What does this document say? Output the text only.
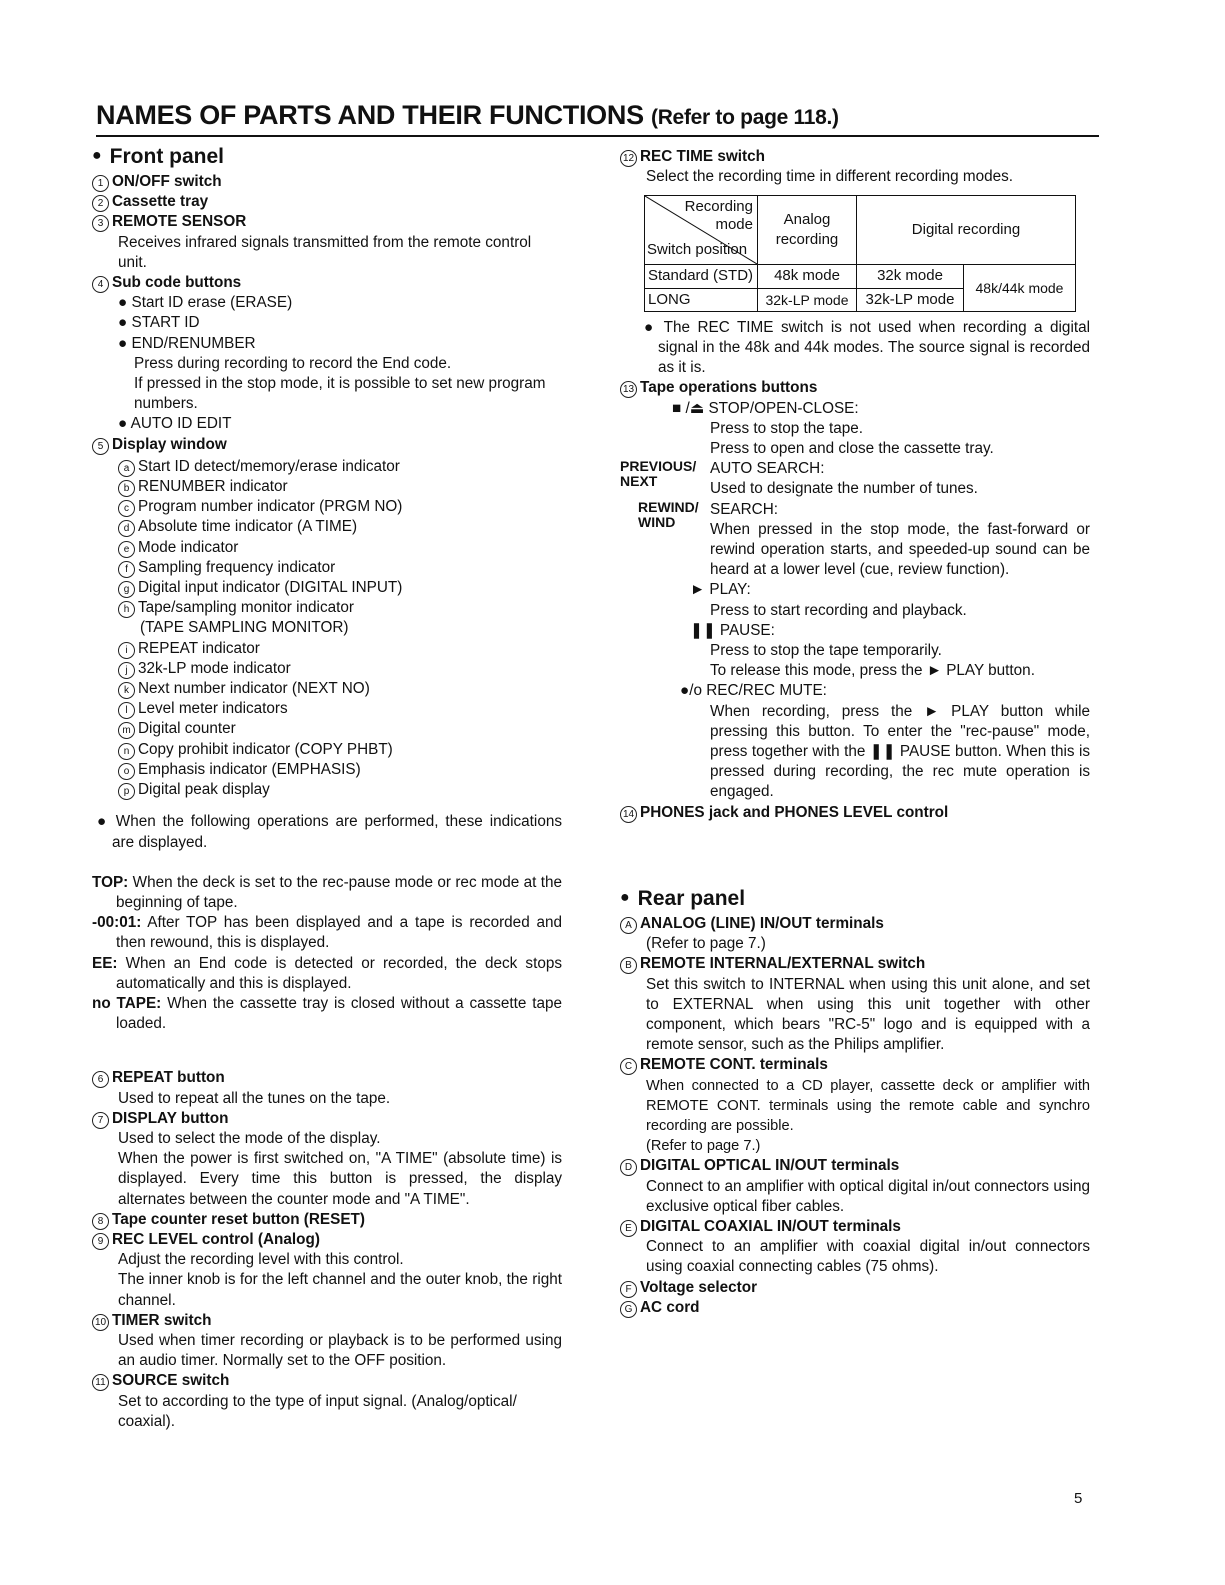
NAMES OF PARTS AND THEIR FUNCTIONS (Refer to page 118.)
● Front panel
1 ON/OFF switch
2 Cassette tray
3 REMOTE SENSOR
Receives infrared signals transmitted from the remote control unit.
4 Sub code buttons
● Start ID erase (ERASE)
● START ID
● END/RENUMBER
Press during recording to record the End code.
If pressed in the stop mode, it is possible to set new program numbers.
● AUTO ID EDIT
5 Display window
a Start ID detect/memory/erase indicator
b RENUMBER indicator
c Program number indicator (PRGM NO)
d Absolute time indicator (A TIME)
e Mode indicator
f Sampling frequency indicator
g Digital input indicator (DIGITAL INPUT)
h Tape/sampling monitor indicator
(TAPE SAMPLING MONITOR)
i REPEAT indicator
j 32k-LP mode indicator
k Next number indicator (NEXT NO)
l Level meter indicators
m Digital counter
n Copy prohibit indicator (COPY PHBT)
o Emphasis indicator (EMPHASIS)
p Digital peak display
● When the following operations are performed, these indications are displayed.
TOP: When the deck is set to the rec-pause mode or rec mode at the beginning of tape.
-00:01: After TOP has been displayed and a tape is recorded and then rewound, this is displayed.
EE: When an End code is detected or recorded, the deck stops automatically and this is displayed.
no TAPE: When the cassette tray is closed without a cassette tape loaded.
6 REPEAT button
Used to repeat all the tunes on the tape.
7 DISPLAY button
Used to select the mode of the display.
When the power is first switched on, "A TIME" (absolute time) is displayed. Every time this button is pressed, the display alternates between the counter mode and "A TIME".
8 Tape counter reset button (RESET)
9 REC LEVEL control (Analog)
Adjust the recording level with this control.
The inner knob is for the left channel and the outer knob, the right channel.
10 TIMER switch
Used when timer recording or playback is to be performed using an audio timer. Normally set to the OFF position.
11 SOURCE switch
Set to according to the type of input signal. (Analog/optical/ coaxial).
12 REC TIME switch
Select the recording time in different recording modes.
Recording
mode
Switch position	Analog recording	Digital recording	
Standard (STD)	48k mode	32k mode	48k/44k mode
LONG	32k-LP mode	32k-LP mode	
● The REC TIME switch is not used when recording a digital signal in the 48k and 44k modes. The source signal is recorded as it is.
13 Tape operations buttons
■ /⏏ STOP/OPEN-CLOSE:
Press to stop the tape.
Press to open and close the cassette tray.
PREVIOUS/ NEXT
AUTO SEARCH:
Used to designate the number of tunes.
REWIND/ WIND
SEARCH:
When pressed in the stop mode, the fast-forward or rewind operation starts, and speeded-up sound can be heard at a lower level (cue, review function).
► PLAY:
Press to start recording and playback.
❚❚ PAUSE:
Press to stop the tape temporarily.
To release this mode, press the ► PLAY button.
●/o REC/REC MUTE:
When recording, press the ► PLAY button while pressing this button. To enter the "rec-pause" mode, press together with the ❚❚ PAUSE button. When this is pressed during recording, the rec mute operation is engaged.
14 PHONES jack and PHONES LEVEL control
● Rear panel
A ANALOG (LINE) IN/OUT terminals
(Refer to page 7.)
B REMOTE INTERNAL/EXTERNAL switch
Set this switch to INTERNAL when using this unit alone, and set to EXTERNAL when using this unit together with other component, which bears "RC-5" logo and is equipped with a remote sensor, such as the Philips amplifier.
C REMOTE CONT. terminals
When connected to a CD player, cassette deck or amplifier with REMOTE CONT. terminals using the remote cable and synchro recording are possible.
(Refer to page 7.)
D DIGITAL OPTICAL IN/OUT terminals
Connect to an amplifier with optical digital in/out connectors using exclusive optical fiber cables.
E DIGITAL COAXIAL IN/OUT terminals
Connect to an amplifier with coaxial digital in/out connectors using coaxial connecting cables (75 ohms).
F Voltage selector
G AC cord
5
